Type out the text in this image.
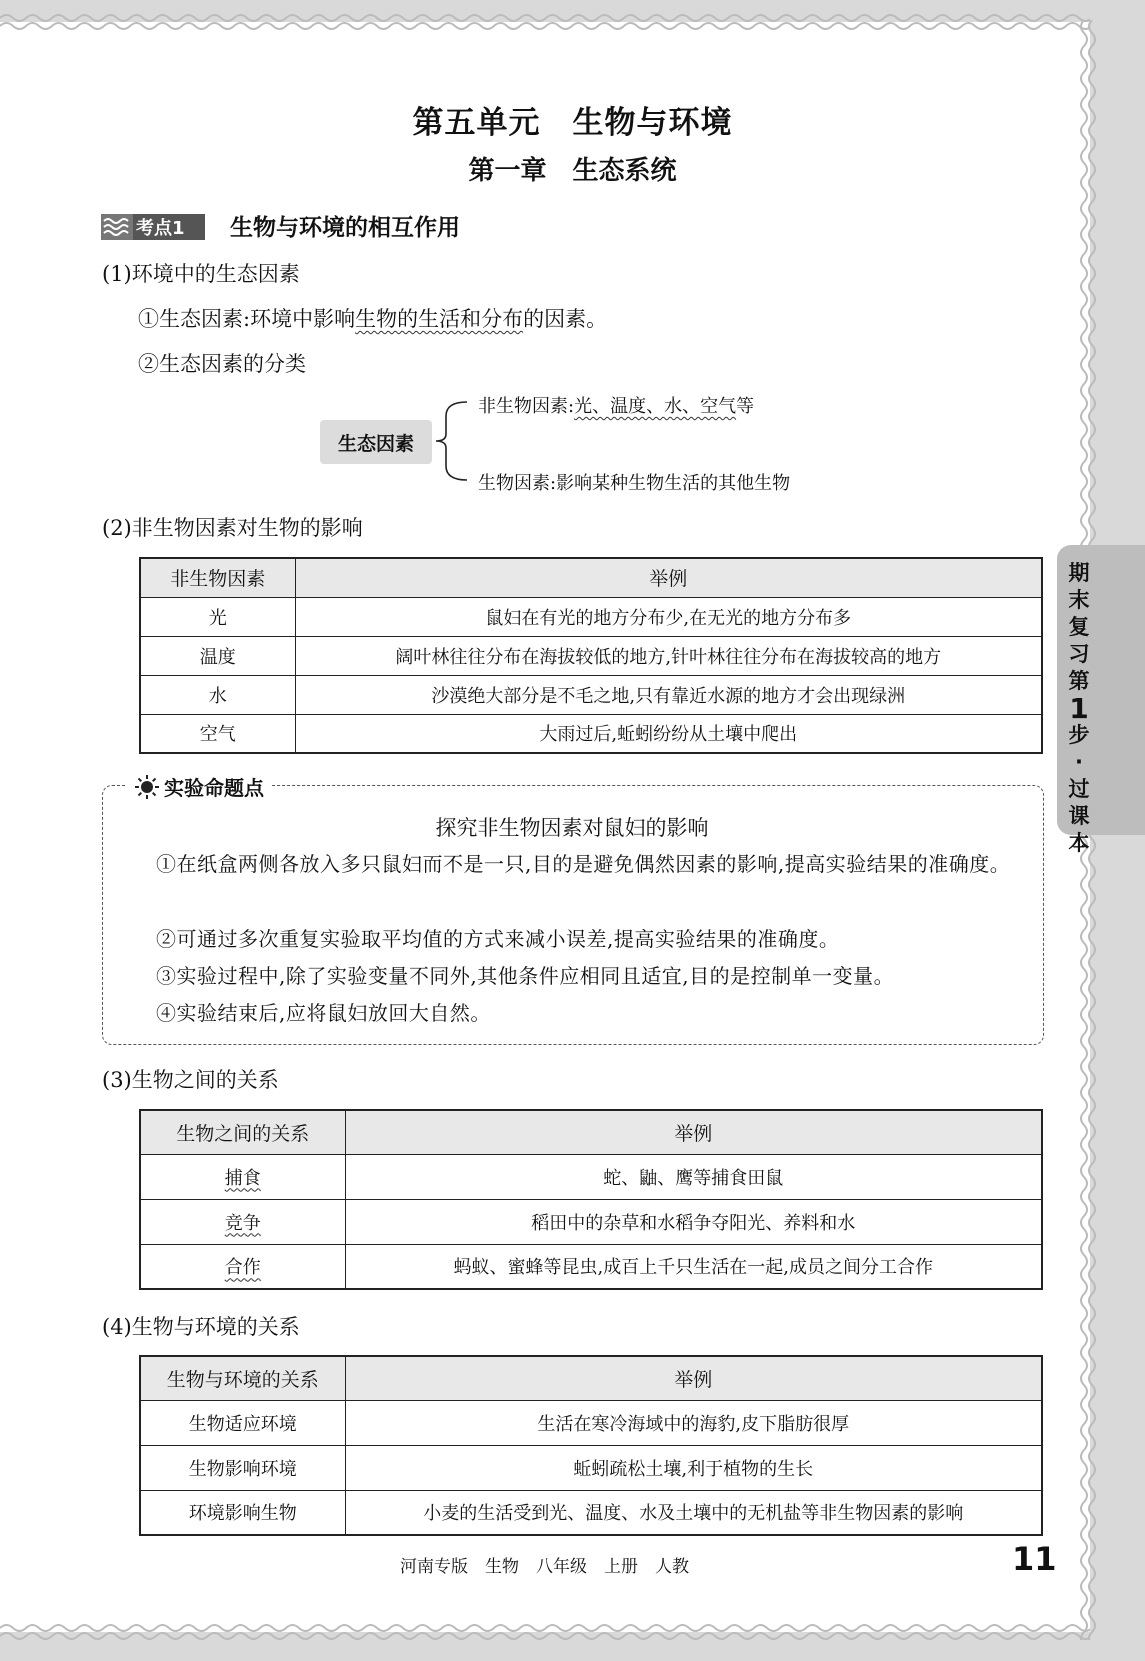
第五单元　生物与环境
第一章　生态系统
考点1 生物与环境的相互作用
(1)环境中的生态因素
①生态因素:环境中影响生物的生活和分布的因素。
②生态因素的分类
生态因素
非生物因素:光、温度、水、空气等
生物因素:影响某种生物生活的其他生物
(2)非生物因素对生物的影响
非生物因素	举例
光	鼠妇在有光的地方分布少,在无光的地方分布多
温度	阔叶林往往分布在海拔较低的地方,针叶林往往分布在海拔较高的地方
水	沙漠绝大部分是不毛之地,只有靠近水源的地方才会出现绿洲
空气	大雨过后,蚯蚓纷纷从土壤中爬出
实验命题点
探究非生物因素对鼠妇的影响
①在纸盒两侧各放入多只鼠妇而不是一只,目的是避免偶然因素的影响,提高实验结果的准确度。
②可通过多次重复实验取平均值的方式来减小误差,提高实验结果的准确度。
③实验过程中,除了实验变量不同外,其他条件应相同且适宜,目的是控制单一变量。
④实验结束后,应将鼠妇放回大自然。
(3)生物之间的关系
生物之间的关系	举例
捕食	蛇、鼬、鹰等捕食田鼠
竞争	稻田中的杂草和水稻争夺阳光、养料和水
合作	蚂蚁、蜜蜂等昆虫,成百上千只生活在一起,成员之间分工合作
(4)生物与环境的关系
生物与环境的关系	举例
生物适应环境	生活在寒冷海域中的海豹,皮下脂肪很厚
生物影响环境	蚯蚓疏松土壤,利于植物的生长
环境影响生物	小麦的生活受到光、温度、水及土壤中的无机盐等非生物因素的影响
期
末
复
习
第
1
步
·
过
课
本
河南专版　生物　八年级　上册　人教	11
